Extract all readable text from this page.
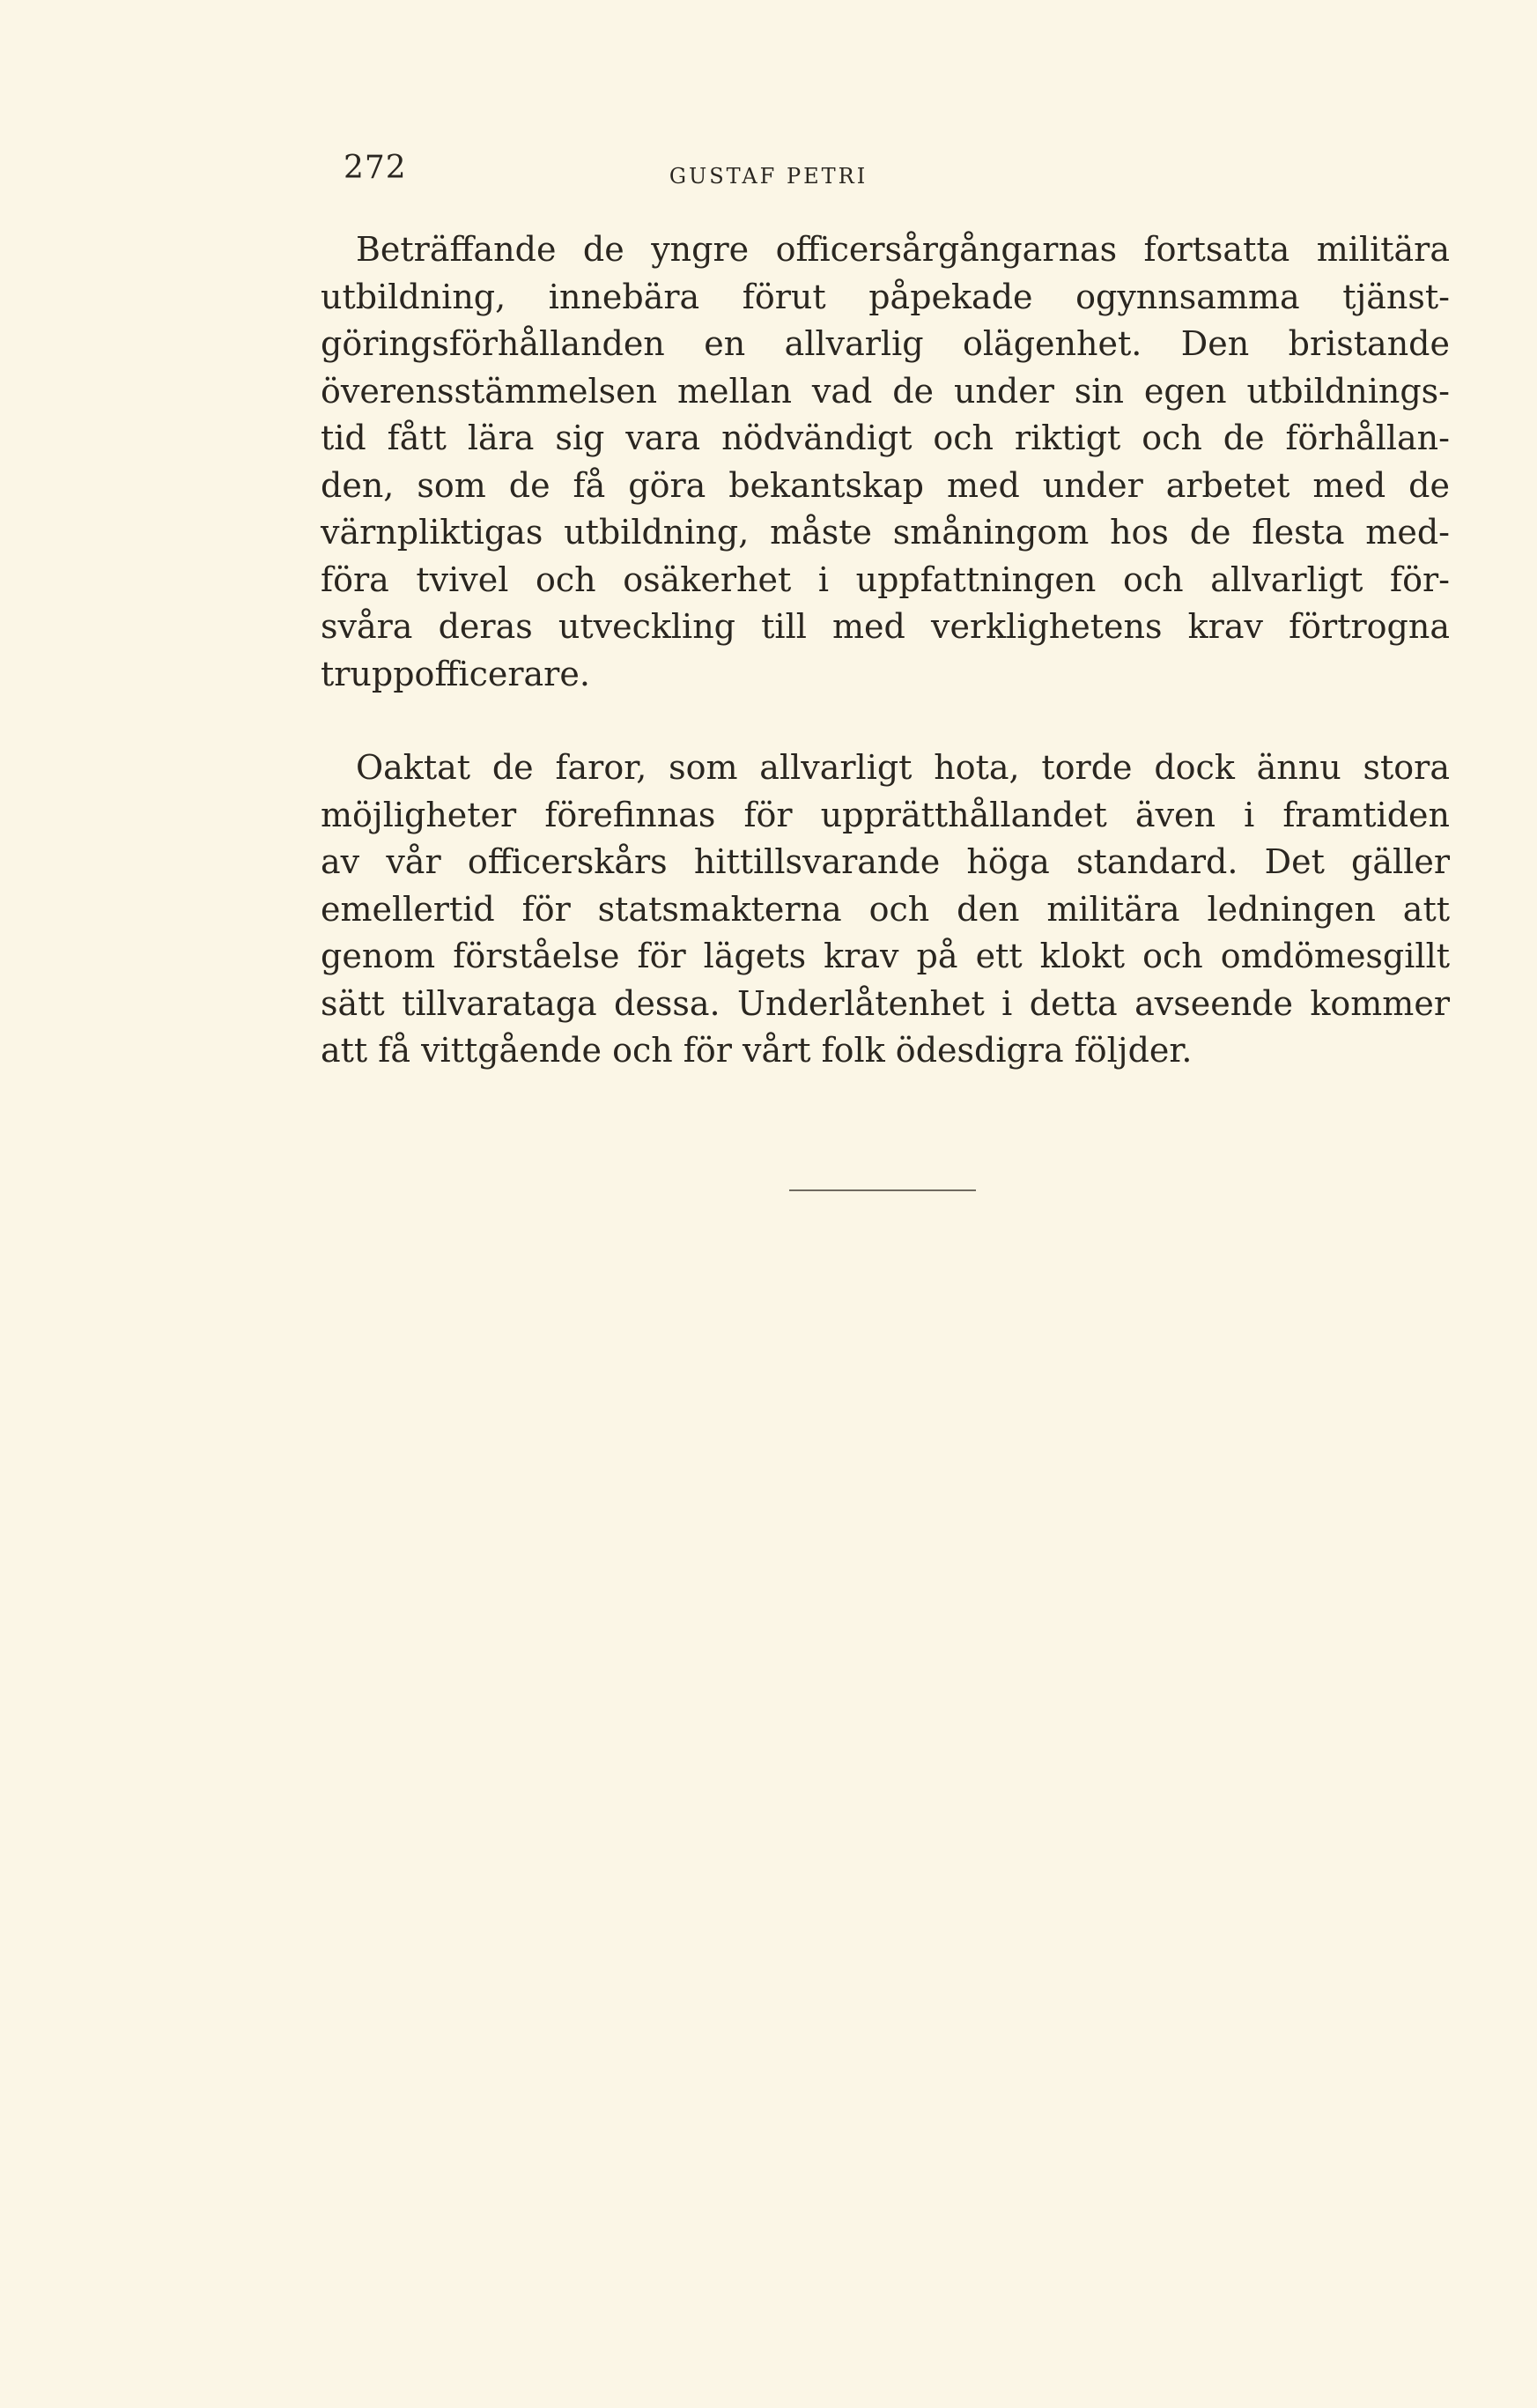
272	GUSTAF PETRI
Beträffande de yngre officersårgångarnas fortsatta militära
utbildning, innebära förut påpekade ogynnsamma tjänst-
göringsförhållanden en allvarlig olägenhet. Den bristande
överensstämmelsen mellan vad de under sin egen utbildnings-
tid fått lära sig vara nödvändigt och riktigt och de förhållan-
den, som de få göra bekantskap med under arbetet med de
värnpliktigas utbildning, måste småningom hos de flesta med-
föra tvivel och osäkerhet i uppfattningen och allvarligt för-
svåra deras utveckling till med verklighetens krav förtrogna
truppofficerare.
Oaktat de faror, som allvarligt hota, torde dock ännu stora
möjligheter förefinnas för upprätthållandet även i framtiden
av vår officerskårs hittillsvarande höga standard. Det gäller
emellertid för statsmakterna och den militära ledningen att
genom förståelse för lägets krav på ett klokt och omdömesgillt
sätt tillvaratagа dessa. Underlåtenhet i detta avseende kommer
att få vittgående och för vårt folk ödesdigra följder.
